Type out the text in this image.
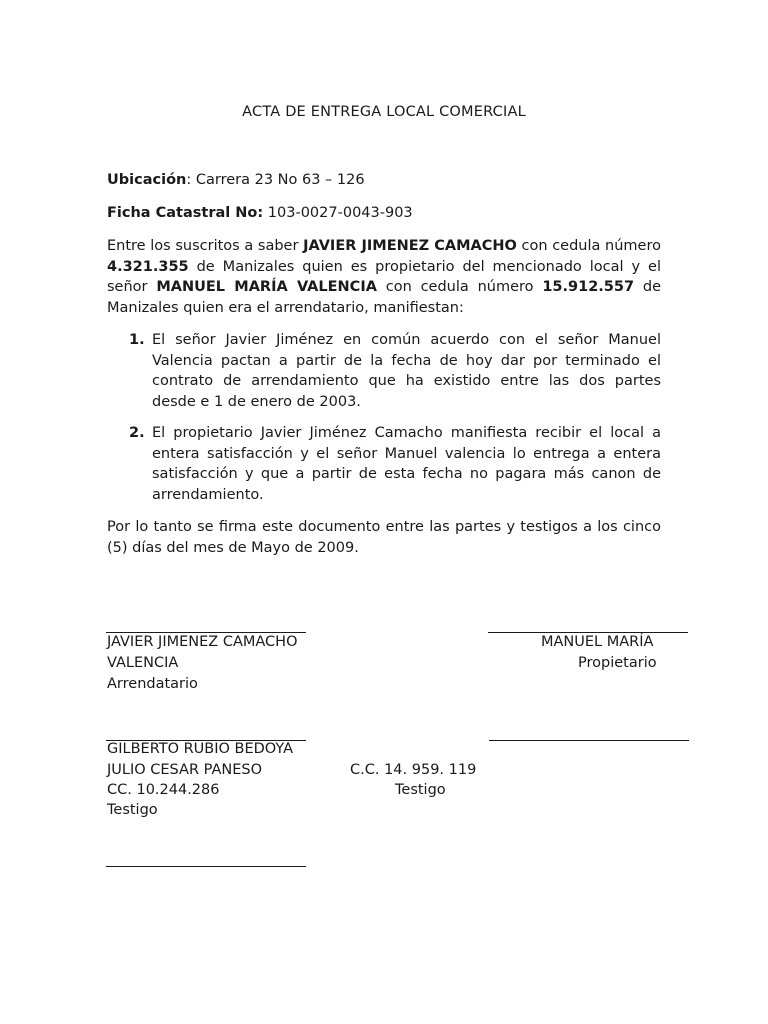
ACTA DE ENTREGA LOCAL COMERCIAL
Ubicación: Carrera 23 No 63 – 126
Ficha Catastral No: 103-0027-0043-903
Entre los suscritos a saber JAVIER JIMENEZ CAMACHO con cedula número 4.321.355 de Manizales quien es propietario del mencionado local y el señor MANUEL MARÍA VALENCIA con cedula número 15.912.557 de Manizales quien era el arrendatario, manifiestan:
1. El señor Javier Jiménez en común acuerdo con el señor Manuel Valencia pactan a partir de la fecha de hoy dar por terminado el contrato de arrendamiento que ha existido entre las dos partes desde e 1 de enero de 2003.
2. El propietario Javier Jiménez Camacho manifiesta recibir el local a entera satisfacción y el señor Manuel valencia lo entrega a entera satisfacción y que a partir de esta fecha no pagara más canon de arrendamiento.
Por lo tanto se firma este documento entre las partes y testigos a los cinco (5) días del mes de Mayo de 2009.
JAVIER JIMENEZ CAMACHO	MANUEL MARÍA
VALENCIA	Propietario
Arrendatario
GILBERTO RUBIO BEDOYA
JULIO CESAR PANESO	C.C. 14. 959. 119
CC. 10.244.286	Testigo
Testigo
